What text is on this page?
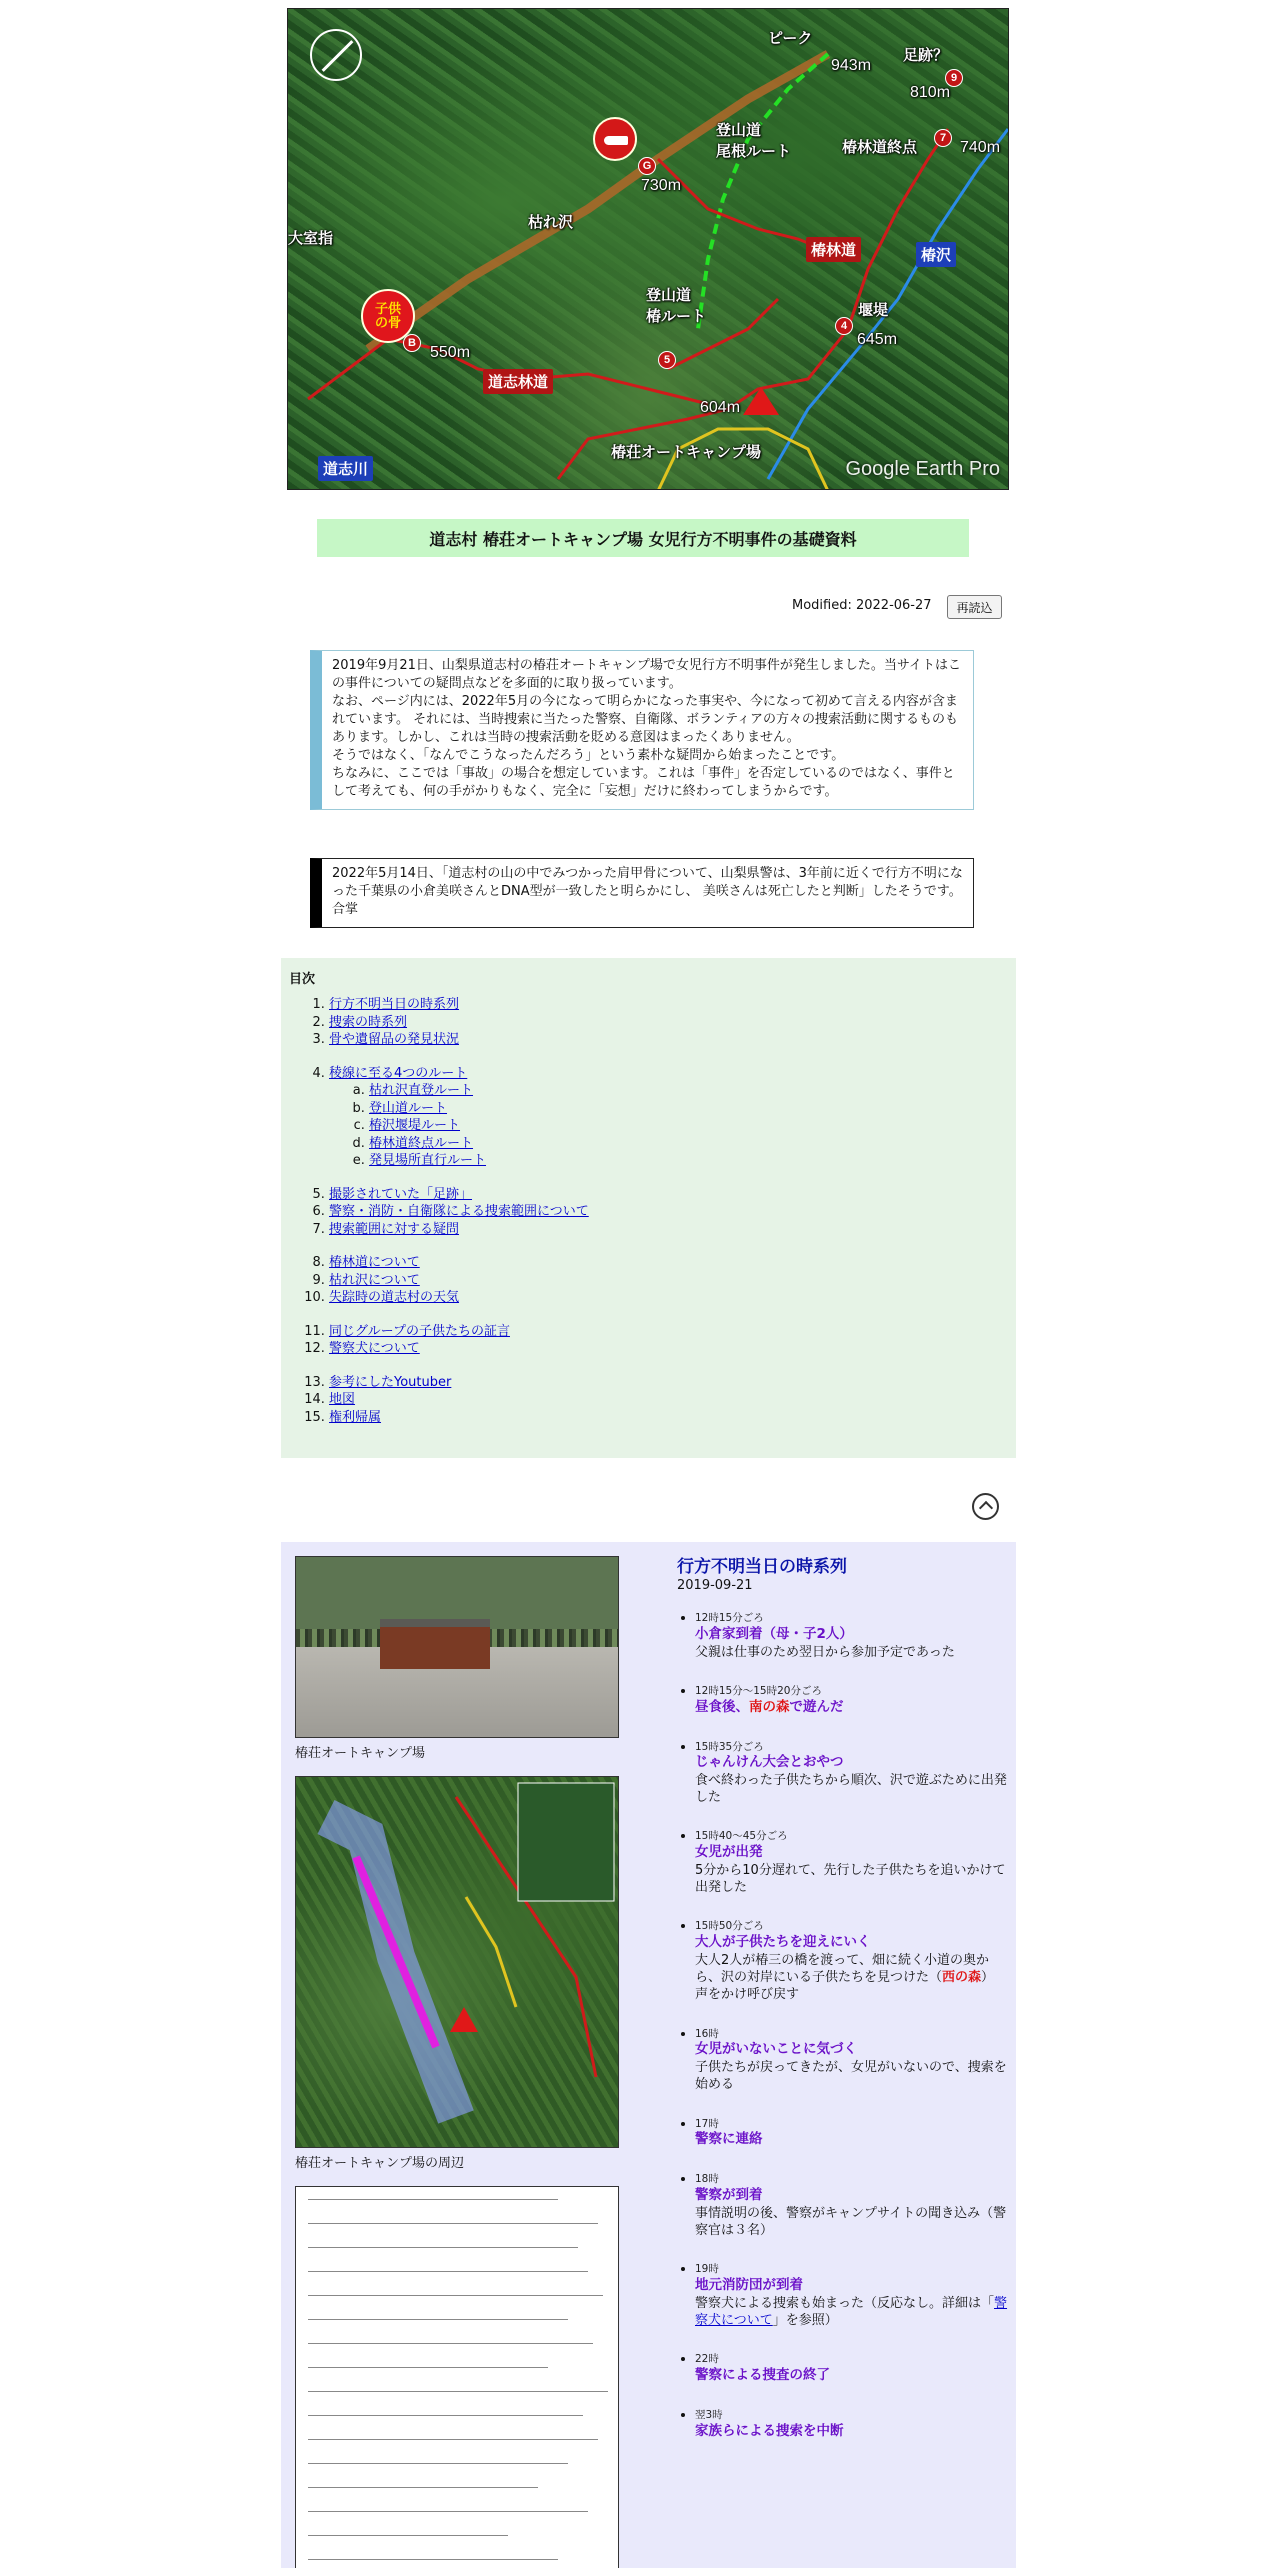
子供
の骨
ピーク
943m
足跡？
810m
740m
登山道
尾根ルート	椿林道終点
730m
枯れ沢
大室指
椿林道	椿沢
登山道
椿ルート	堰堤
645m
550m
道志林道
604m
椿荘オートキャンプ場
道志川
9
7
G
B
5
4
Google Earth Pro
道志村 椿荘オートキャンプ場 女児行方不明事件の基礎資料
Modified: 2022-06-27	再読込

2019年9月21日、山梨県道志村の椿荘オートキャンプ場で女児行方不明事件が発生しました。当サイトはこの事件についての疑問点などを多面的に取り扱っています。
なお、ページ内には、2022年5月の今になって明らかになった事実や、今になって初めて言える内容が含まれています。 それには、当時捜索に当たった警察、自衛隊、ボランティアの方々の捜索活動に関するものもあります。しかし、これは当時の捜索活動を貶める意図はまったくありません。
そうではなく、「なんでこうなったんだろう」という素朴な疑問から始まったことです。
ちなみに、ここでは「事故」の場合を想定しています。これは「事件」を否定しているのではなく、事件として考えても、何の手がかりもなく、完全に「妄想」だけに終わってしまうからです。

2022年5月14日、「道志村の山の中でみつかった肩甲骨について、山梨県警は、3年前に近くで行方不明になった千葉県の小倉美咲さんとDNA型が一致したと明らかにし、 美咲さんは死亡したと判断」したそうです。合掌

目次
1. 行方不明当日の時系列
2. 捜索の時系列
3. 骨や遺留品の発見状況
4. 稜線に至る4つのルート
a. 枯れ沢直登ルート
b. 登山道ルート
c. 椿沢堰堤ルート
d. 椿林道終点ルート
e. 発見場所直行ルート
5. 撮影されていた「足跡」
6. 警察・消防・自衛隊による捜索範囲について
7. 捜索範囲に対する疑問
8. 椿林道について
9. 枯れ沢について
10. 失踪時の道志村の天気
11. 同じグループの子供たちの証言
12. 警察犬について
13. 参考にしたYoutuber
14. 地図
15. 権利帰属
椿荘オートキャンプ場
椿荘オートキャンプ場の周辺
行方不明当日の時系列
2019-09-21
• 12時15分ごろ
小倉家到着（母・子2人）
父親は仕事のため翌日から参加予定であった
• 12時15分～15時20分ごろ
昼食後、南の森で遊んだ
• 15時35分ごろ
じゃんけん大会とおやつ
食べ終わった子供たちから順次、沢で遊ぶために出発した
• 15時40～45分ごろ
女児が出発
5分から10分遅れて、先行した子供たちを追いかけて出発した
• 15時50分ごろ
大人が子供たちを迎えにいく
大人2人が椿三の橋を渡って、畑に続く小道の奥から、沢の対岸にいる子供たちを見つけた（西の森）
声をかけ呼び戻す
• 16時
女児がいないことに気づく
子供たちが戻ってきたが、女児がいないので、捜索を始める
• 17時
警察に連絡
• 18時
警察が到着
事情説明の後、警察がキャンプサイトの聞き込み（警察官は３名）
• 19時
地元消防団が到着
警察犬による捜索も始まった（反応なし。詳細は「警察犬について」を参照）
• 22時
警察による捜査の終了
• 翌3時
家族らによる捜索を中断
